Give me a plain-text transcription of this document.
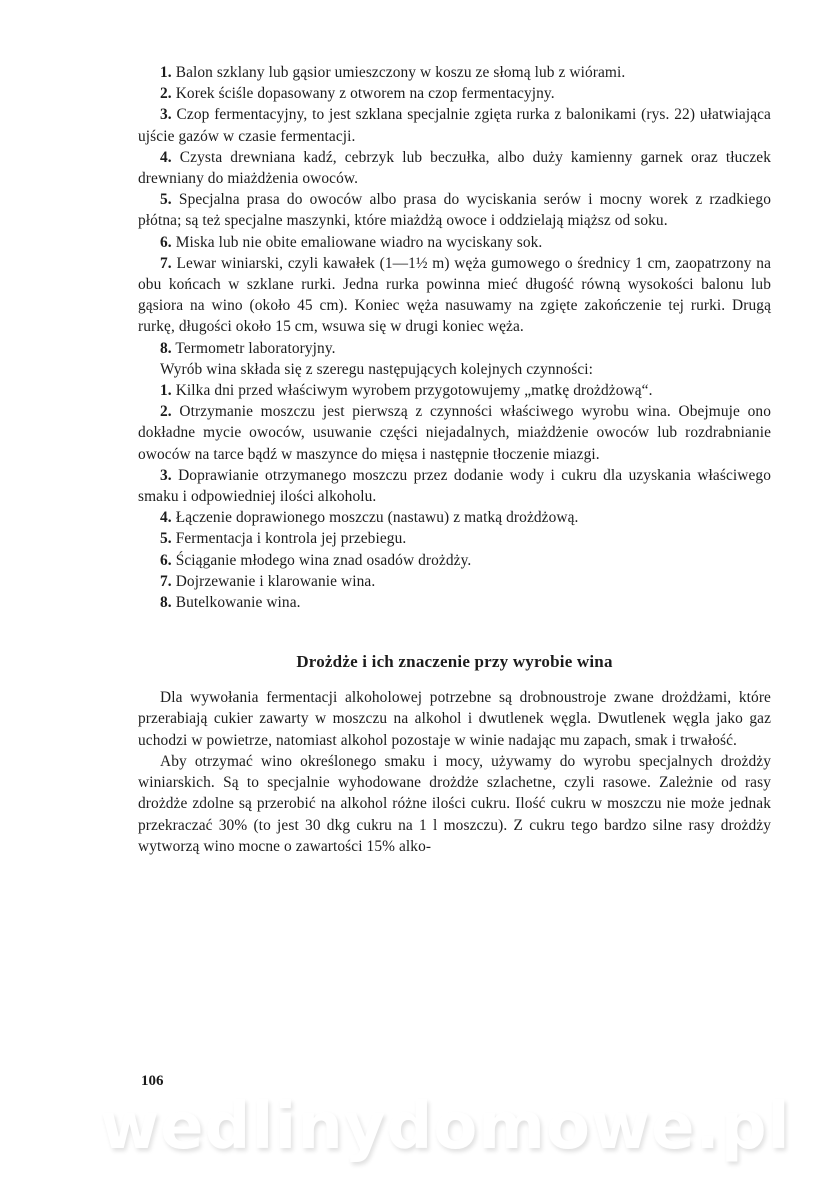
1. Balon szklany lub gąsior umieszczony w koszu ze słomą lub z wiórami.

2. Korek ściśle dopasowany z otworem na czop fermentacyjny.

3. Czop fermentacyjny, to jest szklana specjalnie zgięta rurka z balonikami (rys. 22) ułatwiająca ujście gazów w czasie fermentacji.

4. Czysta drewniana kadź, cebrzyk lub beczułka, albo duży kamienny garnek oraz tłuczek drewniany do miażdżenia owoców.

5. Specjalna prasa do owoców albo prasa do wyciskania serów i mocny worek z rzadkiego płótna; są też specjalne maszynki, które miażdżą owoce i oddzielają miąższ od soku.

6. Miska lub nie obite emaliowane wiadro na wyciskany sok.

7. Lewar winiarski, czyli kawałek (1—1½ m) węża gumowego o średnicy 1 cm, zaopatrzony na obu końcach w szklane rurki. Jedna rurka powinna mieć długość równą wysokości balonu lub gąsiora na wino (około 45 cm). Koniec węża nasuwamy na zgięte zakończenie tej rurki. Drugą rurkę, długości około 15 cm, wsuwa się w drugi koniec węża.

8. Termometr laboratoryjny.

Wyrób wina składa się z szeregu następujących kolejnych czynności:

1. Kilka dni przed właściwym wyrobem przygotowujemy „matkę drożdżową“.

2. Otrzymanie moszczu jest pierwszą z czynności właściwego wyrobu wina. Obejmuje ono dokładne mycie owoców, usuwanie części niejadalnych, miażdżenie owoców lub rozdrabnianie owoców na tarce bądź w maszynce do mięsa i następnie tłoczenie miazgi.

3. Doprawianie otrzymanego moszczu przez dodanie wody i cukru dla uzyskania właściwego smaku i odpowiedniej ilości alkoholu.

4. Łączenie doprawionego moszczu (nastawu) z matką drożdżową.

5. Fermentacja i kontrola jej przebiegu.

6. Ściąganie młodego wina znad osadów drożdży.

7. Dojrzewanie i klarowanie wina.

8. Butelkowanie wina.

Drożdże i ich znaczenie przy wyrobie wina

Dla wywołania fermentacji alkoholowej potrzebne są drobnoustroje zwane drożdżami, które przerabiają cukier zawarty w moszczu na alkohol i dwutlenek węgla. Dwutlenek węgla jako gaz uchodzi w powietrze, natomiast alkohol pozostaje w winie nadając mu zapach, smak i trwałość.

Aby otrzymać wino określonego smaku i mocy, używamy do wyrobu specjalnych drożdży winiarskich. Są to specjalnie wyhodowane drożdże szlachetne, czyli rasowe. Zależnie od rasy drożdże zdolne są przerobić na alkohol różne ilości cukru. Ilość cukru w moszczu nie może jednak przekraczać 30% (to jest 30 dkg cukru na 1 l moszczu). Z cukru tego bardzo silne rasy drożdży wytworzą wino mocne o zawartości 15% alko-

106
wedlinydomowe.pl
